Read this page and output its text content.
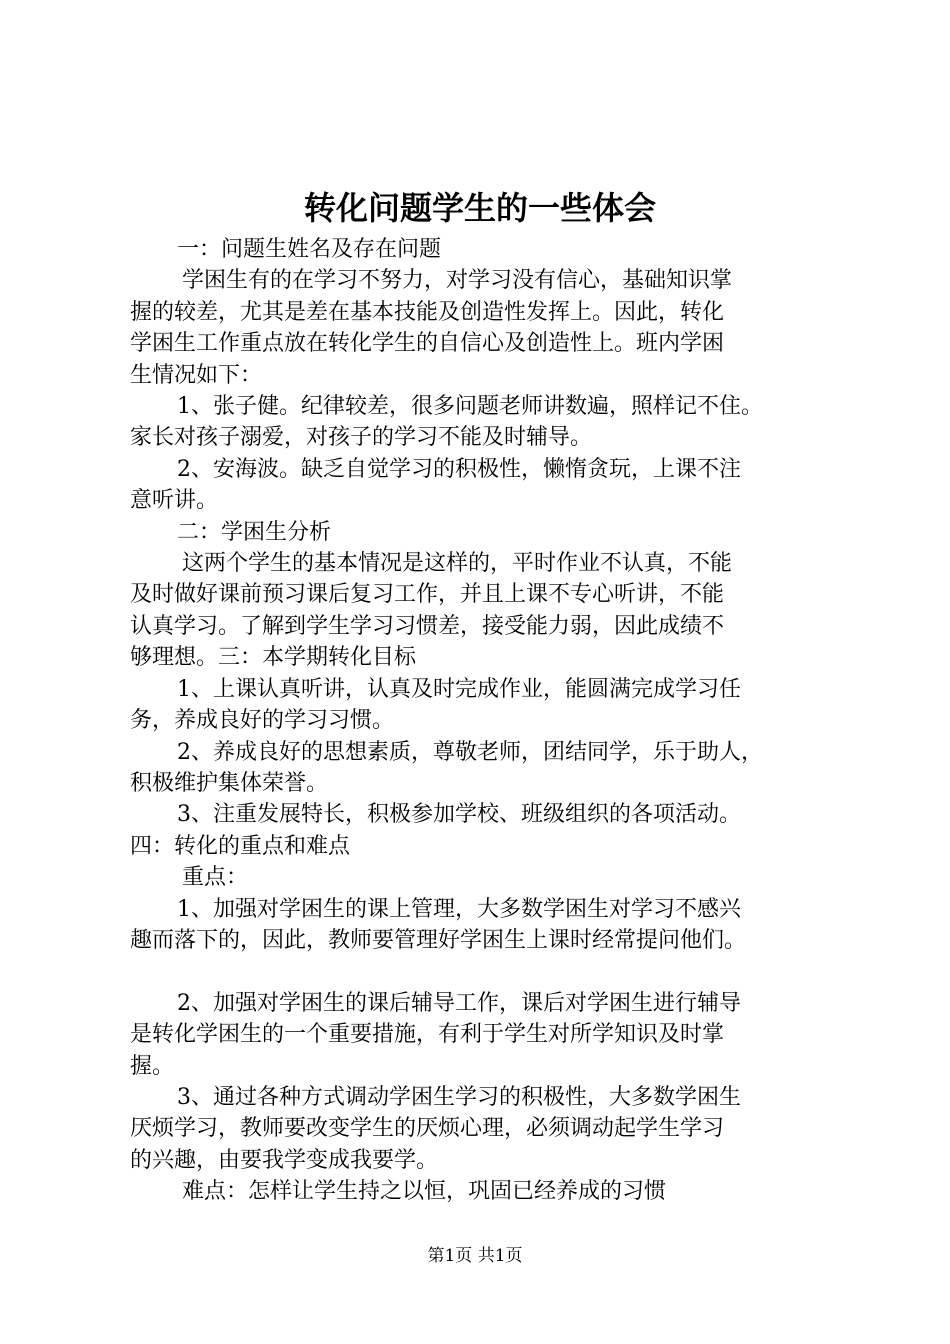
转化问题学生的一些体会

一：问题生姓名及存在问题

学困生有的在学习不努力，对学习没有信心，基础知识掌

握的较差，尤其是差在基本技能及创造性发挥上。因此，转化

学困生工作重点放在转化学生的自信心及创造性上。班内学困

生情况如下：

1、张子健。纪律较差，很多问题老师讲数遍，照样记不住。

家长对孩子溺爱，对孩子的学习不能及时辅导。

2、安海波。缺乏自觉学习的积极性，懒惰贪玩，上课不注

意听讲。

二：学困生分析

这两个学生的基本情况是这样的，平时作业不认真，不能

及时做好课前预习课后复习工作，并且上课不专心听讲，不能

认真学习。了解到学生学习习惯差，接受能力弱，因此成绩不

够理想。三：本学期转化目标

1、上课认真听讲，认真及时完成作业，能圆满完成学习任

务，养成良好的学习习惯。

2、养成良好的思想素质，尊敬老师，团结同学，乐于助人，

积极维护集体荣誉。

3、注重发展特长，积极参加学校、班级组织的各项活动。

四：转化的重点和难点

重点：

1、加强对学困生的课上管理，大多数学困生对学习不感兴

趣而落下的，因此，教师要管理好学困生上课时经常提问他们。

2、加强对学困生的课后辅导工作，课后对学困生进行辅导

是转化学困生的一个重要措施，有利于学生对所学知识及时掌

握。

3、通过各种方式调动学困生学习的积极性，大多数学困生

厌烦学习，教师要改变学生的厌烦心理，必须调动起学生学习

的兴趣，由要我学变成我要学。

难点：怎样让学生持之以恒，巩固已经养成的习惯

第1页 共1页
